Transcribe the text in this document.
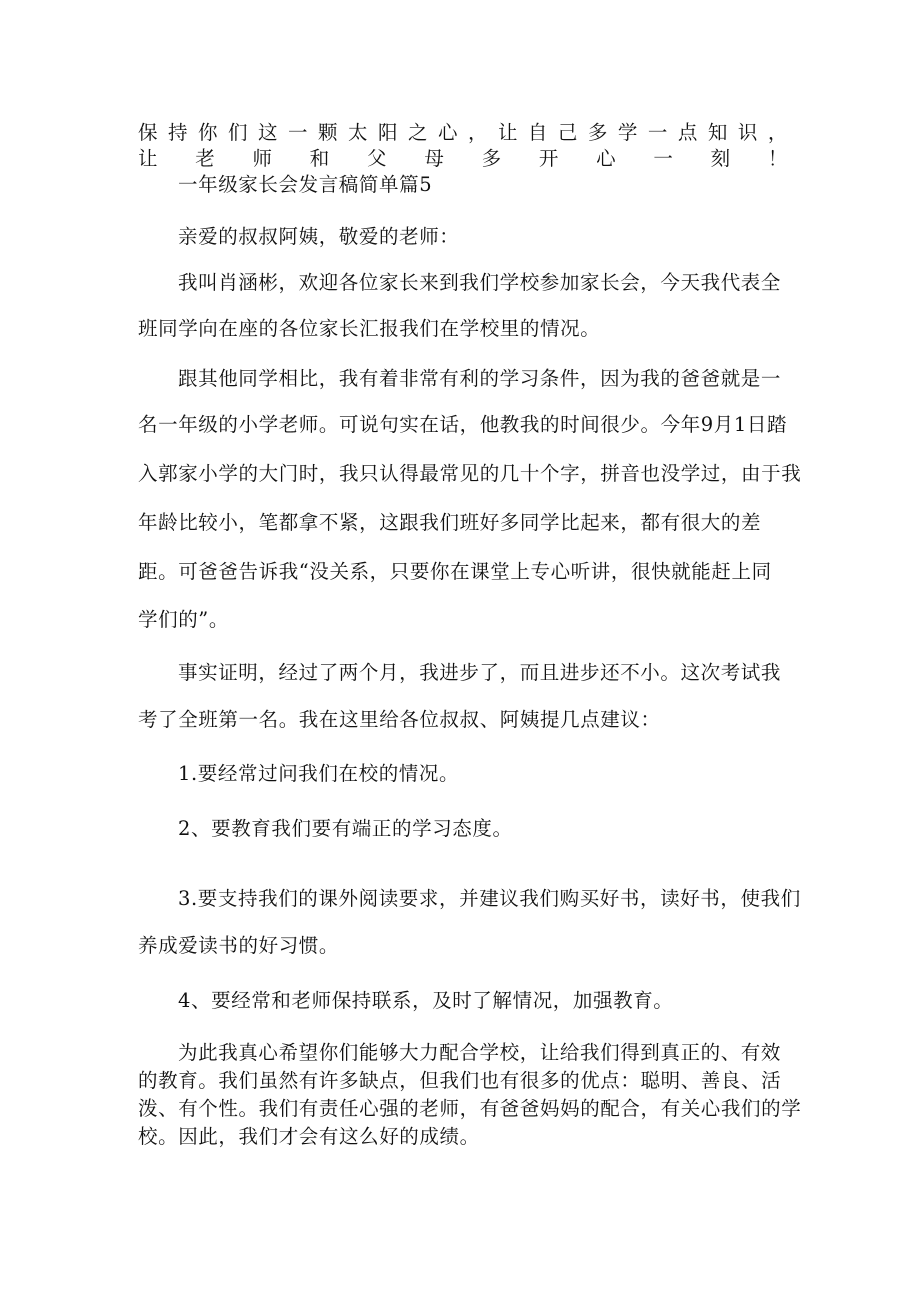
保持你们这一颗太阳之心，让自己多学一点知识，让老师和父母多开心一刻！

一年级家长会发言稿简单篇5

亲爱的叔叔阿姨，敬爱的老师：

我叫肖涵彬，欢迎各位家长来到我们学校参加家长会，今天我代表全

班同学向在座的各位家长汇报我们在学校里的情况。

跟其他同学相比，我有着非常有利的学习条件，因为我的爸爸就是一

名一年级的小学老师。可说句实在话，他教我的时间很少。今年9月1日踏

入郭家小学的大门时，我只认得最常见的几十个字，拼音也没学过，由于我

年龄比较小，笔都拿不紧，这跟我们班好多同学比起来，都有很大的差

距。可爸爸告诉我“没关系，只要你在课堂上专心听讲，很快就能赶上同

学们的”。

事实证明，经过了两个月，我进步了，而且进步还不小。这次考试我

考了全班第一名。我在这里给各位叔叔、阿姨提几点建议：

1.要经常过问我们在校的情况。

2、要教育我们要有端正的学习态度。

3.要支持我们的课外阅读要求，并建议我们购买好书，读好书，使我们

养成爱读书的好习惯。

4、要经常和老师保持联系，及时了解情况，加强教育。

为此我真心希望你们能够大力配合学校，让给我们得到真正的、有效

的教育。我们虽然有许多缺点，但我们也有很多的优点：聪明、善良、活

泼、有个性。我们有责任心强的老师，有爸爸妈妈的配合，有关心我们的学

校。因此，我们才会有这么好的成绩。
